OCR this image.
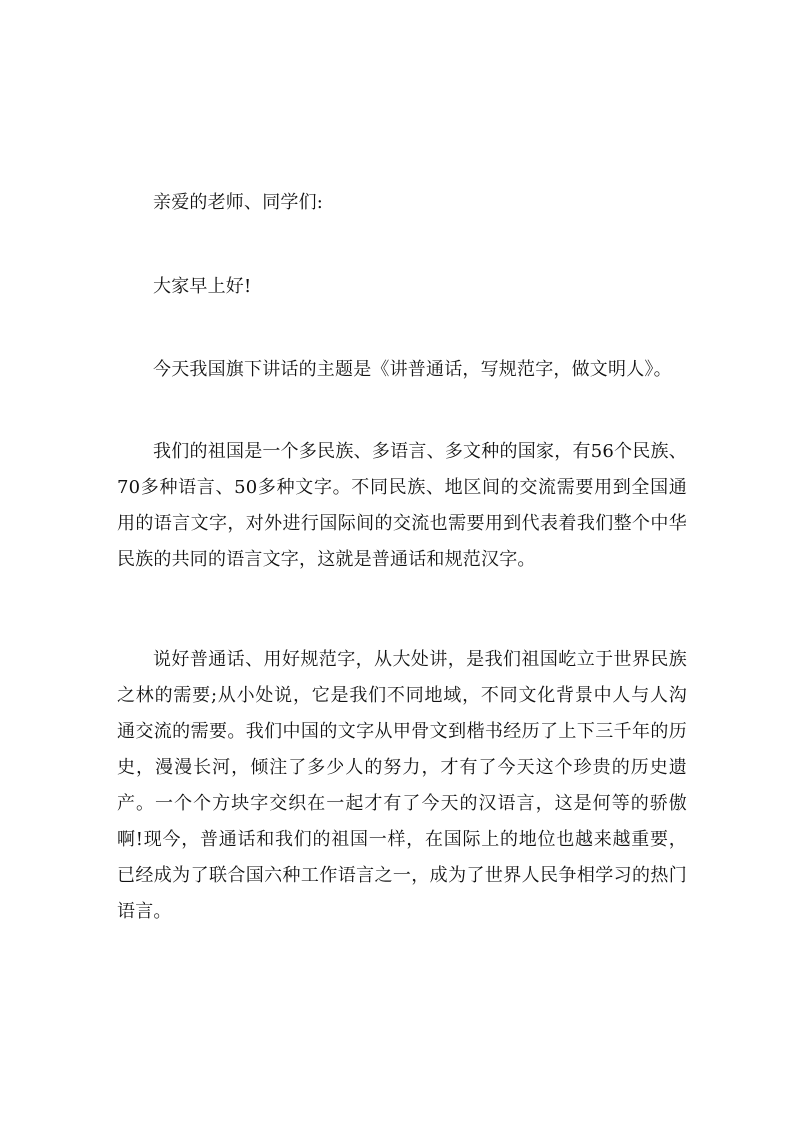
亲爱的老师、同学们:

大家早上好!

今天我国旗下讲话的主题是《讲普通话，写规范字，做文明人》。

我们的祖国是一个多民族、多语言、多文种的国家，有56个民族、70多种语言、50多种文字。不同民族、地区间的交流需要用到全国通用的语言文字，对外进行国际间的交流也需要用到代表着我们整个中华民族的共同的语言文字，这就是普通话和规范汉字。

说好普通话、用好规范字，从大处讲，是我们祖国屹立于世界民族之林的需要;从小处说，它是我们不同地域，不同文化背景中人与人沟通交流的需要。我们中国的文字从甲骨文到楷书经历了上下三千年的历史，漫漫长河，倾注了多少人的努力，才有了今天这个珍贵的历史遗产。一个个方块字交织在一起才有了今天的汉语言，这是何等的骄傲啊!现今，普通话和我们的祖国一样，在国际上的地位也越来越重要，已经成为了联合国六种工作语言之一，成为了世界人民争相学习的热门语言。
